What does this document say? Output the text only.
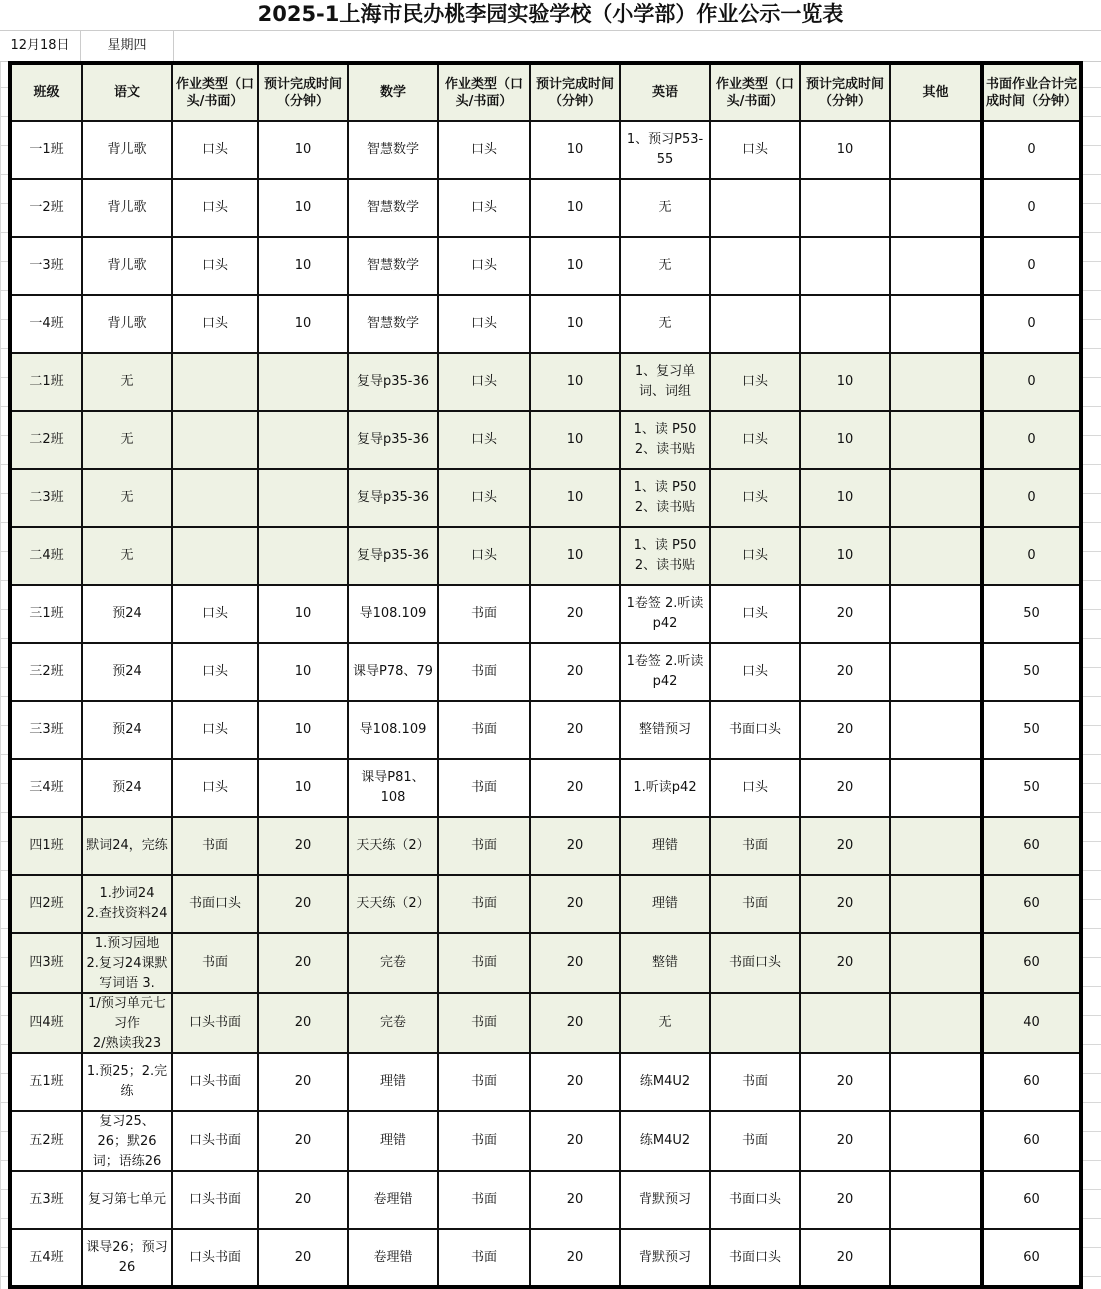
2025-1上海市民办桃李园实验学校（小学部）作业公示一览表
12月18日	星期四
班级	语文	作业类型（口头/书面）	预计完成时间（分钟）	数学	作业类型（口头/书面）	预计完成时间（分钟）	英语	作业类型（口头/书面）	预计完成时间（分钟）	其他	书面作业合计完成时间（分钟）

一1班	背儿歌	口头	10	智慧数学	口头	10	1、预习P53-55	口头	10		0

一2班	背儿歌	口头	10	智慧数学	口头	10	无				0

一3班	背儿歌	口头	10	智慧数学	口头	10	无				0

一4班	背儿歌	口头	10	智慧数学	口头	10	无				0

二1班	无			复导p35-36	口头	10	1、复习单词、词组	口头	10		0

二2班	无			复导p35-36	口头	10	1、读 P50
2、读书贴	口头	10		0

二3班	无			复导p35-36	口头	10	1、读 P50
2、读书贴	口头	10		0

二4班	无			复导p35-36	口头	10	1、读 P50
2、读书贴	口头	10		0

三1班	预24	口头	10	导108.109	书面	20	1卷签 2.听读p42	口头	20		50

三2班	预24	口头	10	课导P78、79	书面	20	1卷签 2.听读p42	口头	20		50

三3班	预24	口头	10	导108.109	书面	20	整错预习	书面口头	20		50

三4班	预24	口头	10	课导P81、108	书面	20	1.听读p42	口头	20		50

四1班	默词24，完练	书面	20	天天练（2）	书面	20	理错	书面	20		60

四2班	1.抄词24
2.查找资料24	书面口头	20	天天练（2）	书面	20	理错	书面	20		60

四3班	1.预习园地
2.复习24课默写词语 3.	书面	20	完卷	书面	20	整错	书面口头	20		60

四4班	1/预习单元七习作
2/熟读我23	口头书面	20	完卷	书面	20	无				40

五1班	1.预25；2.完练	口头书面	20	理错	书面	20	练M4U2	书面	20		60

五2班	复习25、26；默26词；语练26	口头书面	20	理错	书面	20	练M4U2	书面	20		60

五3班	复习第七单元	口头书面	20	卷理错	书面	20	背默预习	书面口头	20		60

五4班	课导26；预习26	口头书面	20	卷理错	书面	20	背默预习	书面口头	20		60
